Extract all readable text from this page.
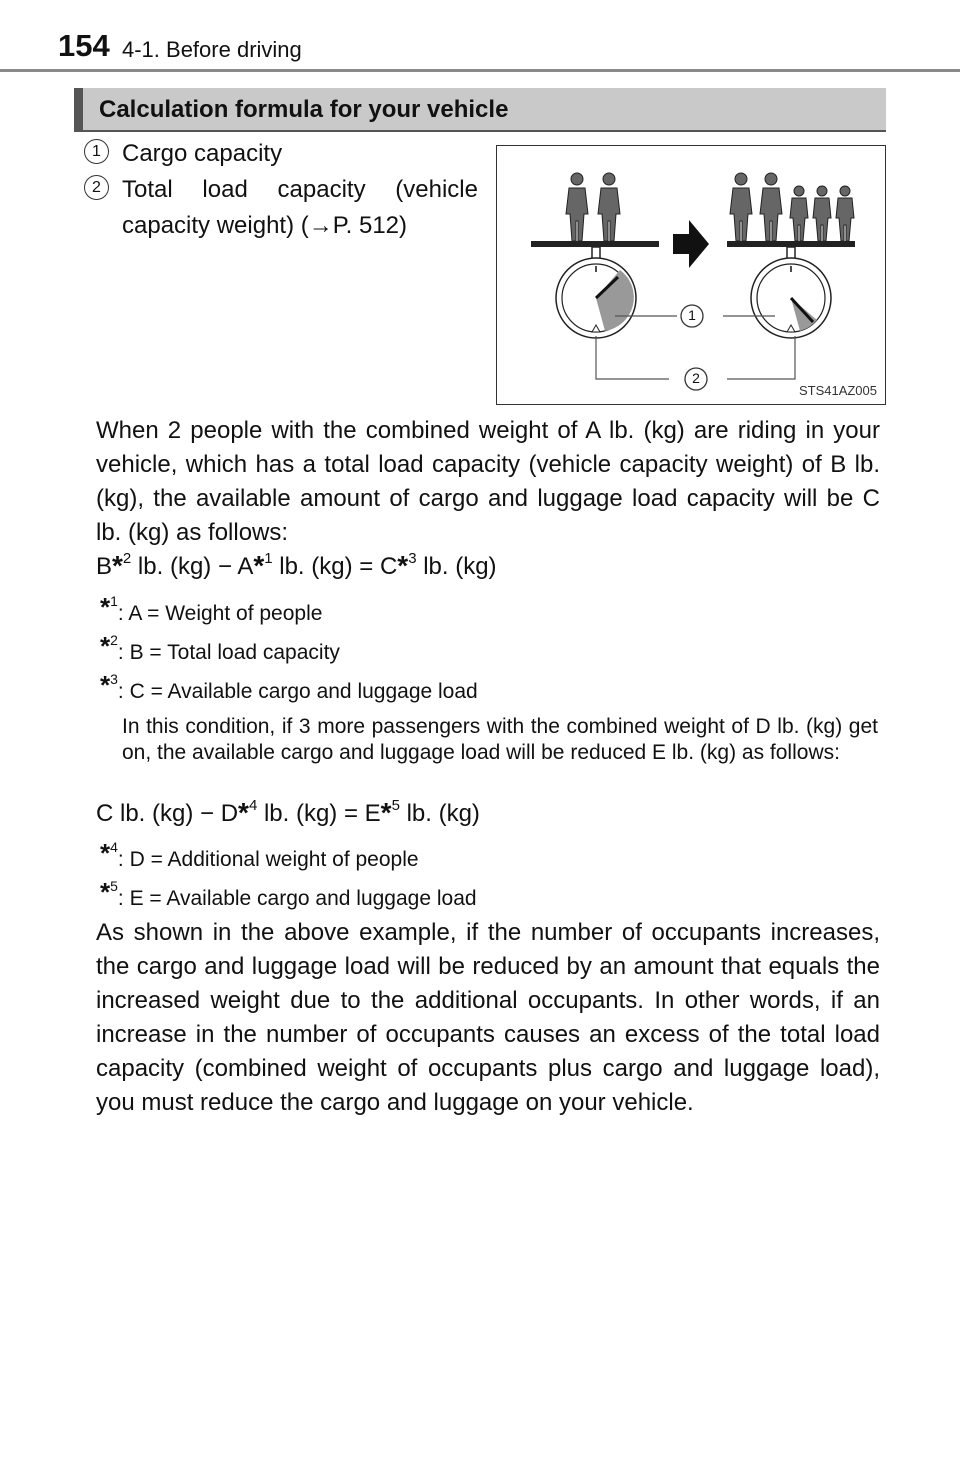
154 4-1. Before driving
Calculation formula for your vehicle
1 Cargo capacity
2 Total load capacity (vehicle
capacity weight) (→P. 512)
1
2
STS41AZ005
When 2 people with the combined weight of A lb. (kg) are riding in your vehicle, which has a total load capacity (vehicle capacity weight) of B lb. (kg), the available amount of cargo and luggage load capacity will be C lb. (kg) as follows:
B*$^2$ lb. (kg) − A*$^1$ lb. (kg) = C*$^3$ lb. (kg)
*$^1$: A = Weight of people
*$^2$: B = Total load capacity
*$^3$: C = Available cargo and luggage load
In this condition, if 3 more passengers with the combined weight of D lb. (kg) get on, the available cargo and luggage load will be reduced E lb. (kg) as follows:
C lb. (kg) − D*$^4$ lb. (kg) = E*$^5$ lb. (kg)
*$^4$: D = Additional weight of people
*$^5$: E = Available cargo and luggage load
As shown in the above example, if the number of occupants increases, the cargo and luggage load will be reduced by an amount that equals the increased weight due to the additional occupants. In other words, if an increase in the number of occupants causes an excess of the total load capacity (combined weight of occupants plus cargo and luggage load), you must reduce the cargo and luggage on your vehicle.
